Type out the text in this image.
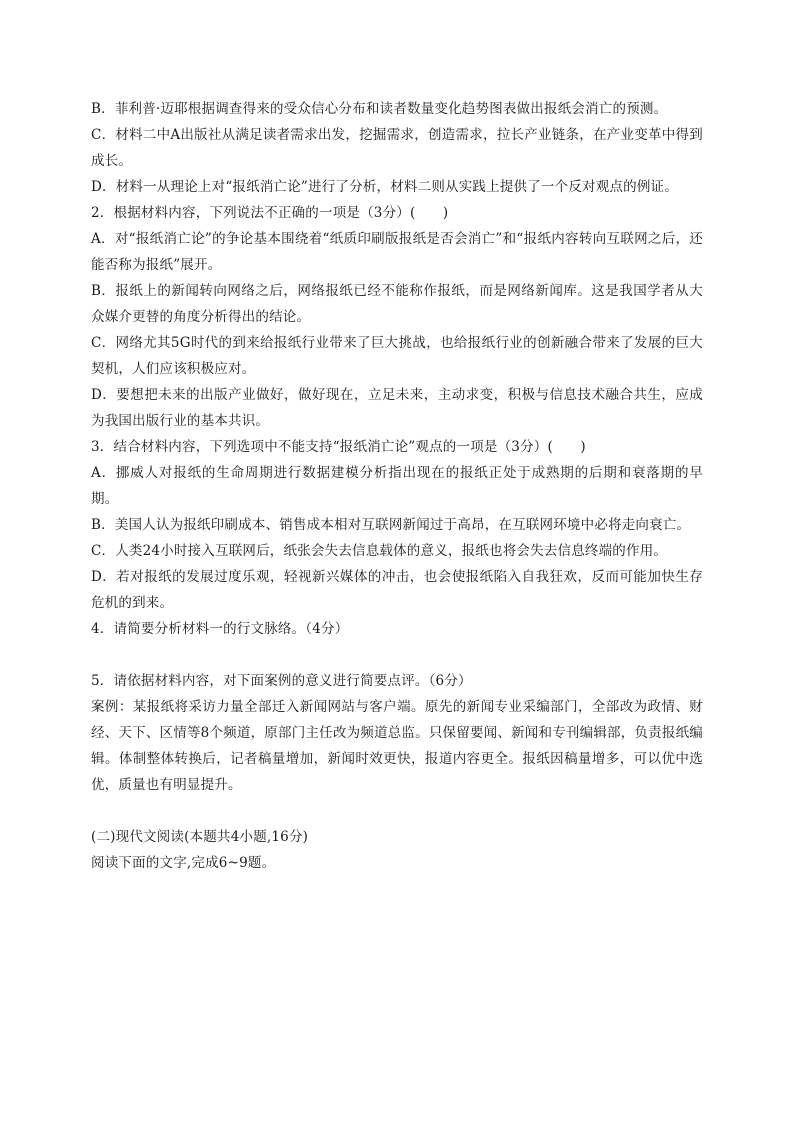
B．菲利普·迈耶根据调查得来的受众信心分布和读者数量变化趋势图表做出报纸会消亡的预测。

C．材料二中A出版社从满足读者需求出发，挖掘需求，创造需求，拉长产业链条，在产业变革中得到成长。

D．材料一从理论上对“报纸消亡论”进行了分析，材料二则从实践上提供了一个反对观点的例证。

2．根据材料内容，下列说法不正确的一项是（3分）(　　)

A．对“报纸消亡论”的争论基本围绕着“纸质印刷版报纸是否会消亡”和“报纸内容转向互联网之后，还能否称为报纸”展开。

B．报纸上的新闻转向网络之后，网络报纸已经不能称作报纸，而是网络新闻库。这是我国学者从大众媒介更替的角度分析得出的结论。

C．网络尤其5G时代的到来给报纸行业带来了巨大挑战，也给报纸行业的创新融合带来了发展的巨大契机，人们应该积极应对。

D．要想把未来的出版产业做好，做好现在，立足未来，主动求变，积极与信息技术融合共生，应成为我国出版行业的基本共识。

3．结合材料内容，下列选项中不能支持“报纸消亡论”观点的一项是（3分）(　　)

A．挪威人对报纸的生命周期进行数据建模分析指出现在的报纸正处于成熟期的后期和衰落期的早期。

B．美国人认为报纸印刷成本、销售成本相对互联网新闻过于高昂，在互联网环境中必将走向衰亡。

C．人类24小时接入互联网后，纸张会失去信息载体的意义，报纸也将会失去信息终端的作用。

D．若对报纸的发展过度乐观，轻视新兴媒体的冲击，也会使报纸陷入自我狂欢，反而可能加快生存危机的到来。

4．请简要分析材料一的行文脉络。（4分）

5．请依据材料内容，对下面案例的意义进行简要点评。（6分）

案例：某报纸将采访力量全部迁入新闻网站与客户端。原先的新闻专业采编部门，全部改为政情、财经、天下、区情等8个频道，原部门主任改为频道总监。只保留要闻、新闻和专刊编辑部，负责报纸编辑。体制整体转换后，记者稿量增加，新闻时效更快，报道内容更全。报纸因稿量增多，可以优中选优，质量也有明显提升。

(二)现代文阅读(本题共4小题,16分)

阅读下面的文字,完成6~9题。
